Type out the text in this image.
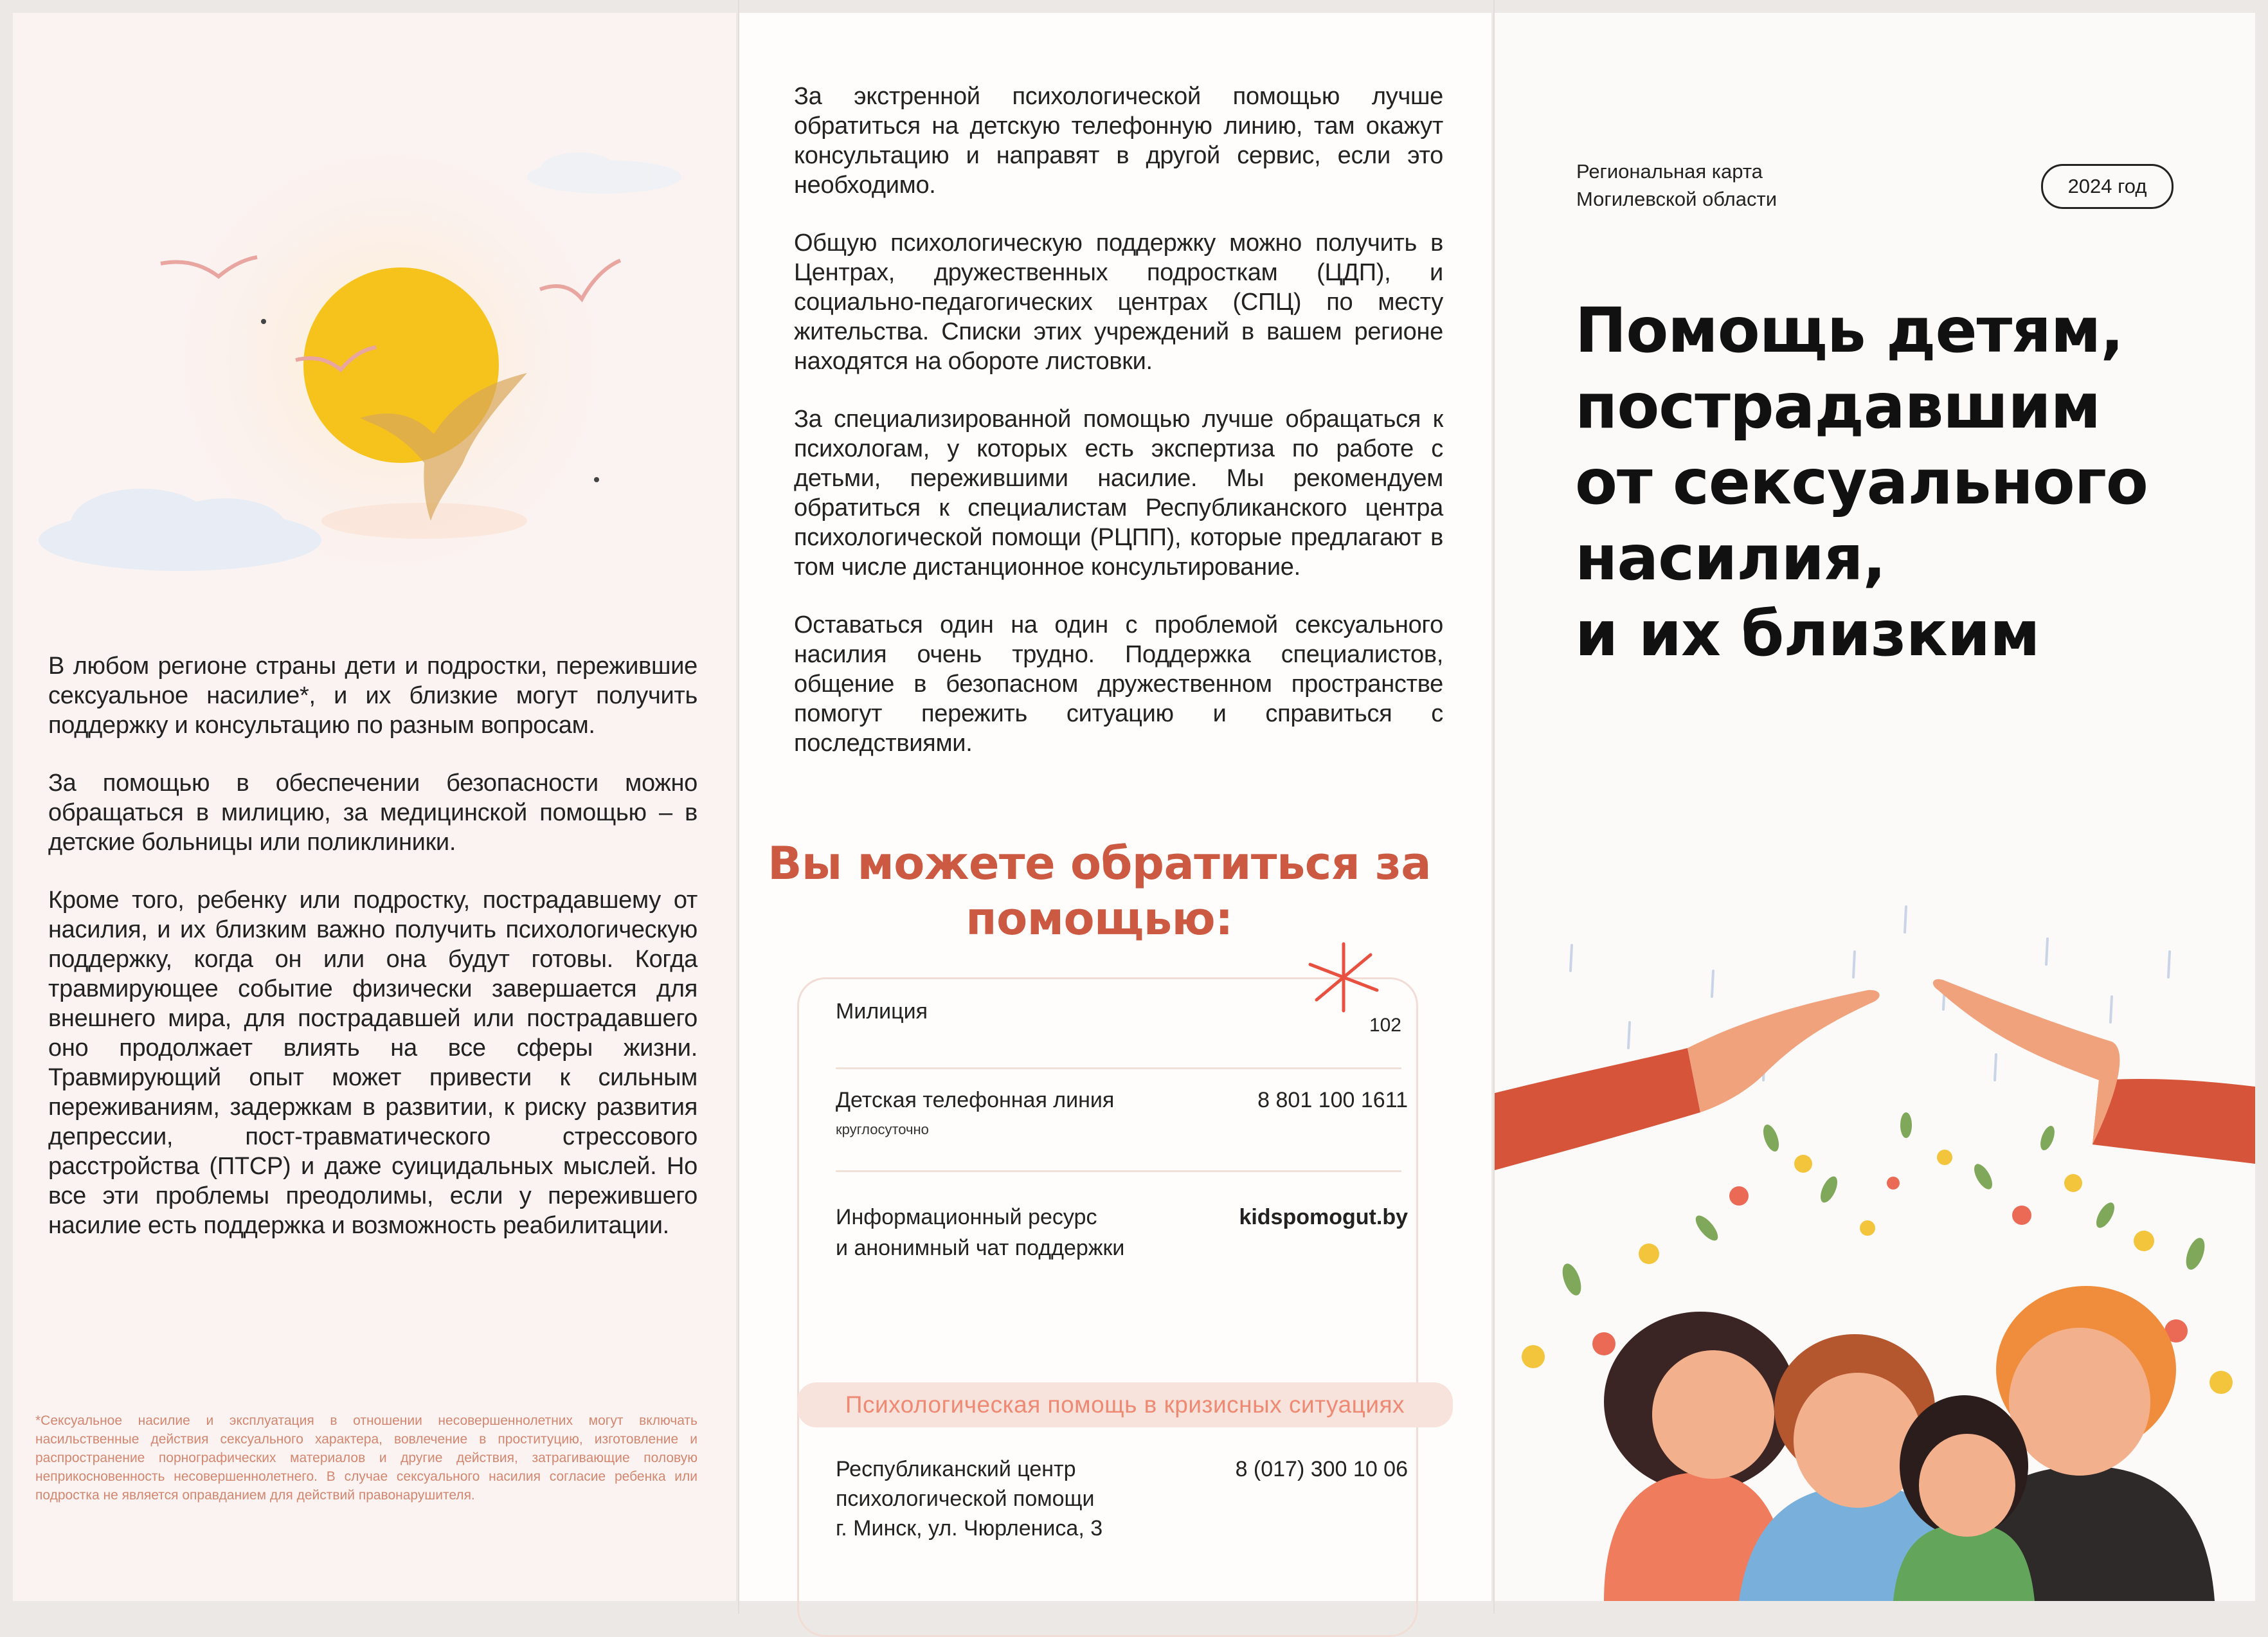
В любом регионе страны дети и подростки, пережившие сексуальное насилие*, и их близкие могут получить поддержку и консультацию по разным вопросам.

За помощью в обеспечении безопасности можно обращаться в милицию, за медицинской помощью – в детские больницы или поликлиники.

Кроме того, ребенку или подростку, пострадавшему от насилия, и их близким важно получить психологическую поддержку, когда он или она будут готовы. Когда травмирующее событие физически завершается для внешнего мира, для пострадавшей или пострадавшего оно продолжает влиять на все сферы жизни. Травмирующий опыт может привести к сильным переживаниям, задержкам в развитии, к риску развития депрессии, пост-травматического стрессового расстройства (ПТСР) и даже суицидальных мыслей. Но все эти проблемы преодолимы, если у пережившего насилие есть поддержка и возможность реабилитации.

*Сексуальное насилие и эксплуатация в отношении несовершеннолетних могут включать насильственные действия сексуального характера, вовлечение в проституцию, изготовление и распространение порнографических материалов и другие действия, затрагивающие половую неприкосновенность несовершеннолетнего. В случае сексуального насилия согласие ребенка или подростка не является оправданием для действий правонарушителя.

За экстренной психологической помощью лучше обратиться на детскую телефонную линию, там окажут консультацию и направят в другой сервис, если это необходимо.

Общую психологическую поддержку можно получить в Центрах, дружественных подросткам (ЦДП), и социально-педагогических центрах (СПЦ) по месту жительства. Списки этих учреждений в вашем регионе находятся на обороте листовки.

За специализированной помощью лучше обращаться к психологам, у которых есть экспертиза по работе с детьми, пережившими насилие. Мы рекомендуем обратиться к специалистам Республиканского центра психологической помощи (РЦПП), которые предлагают в том числе дистанционное консультирование.

Оставаться один на один с проблемой сексуального насилия очень трудно. Поддержка специалистов, общение в безопасном дружественном пространстве помогут пережить ситуацию и справиться с последствиями.

Вы можете обратиться за помощью:
Милиция
102
Детская телефонная линия
круглосуточно
8 801 100 1611
Информационный ресурс
и анонимный чат поддержки
kidspomogut.by
Психологическая помощь в кризисных ситуациях
Республиканский центр
психологической помощи
г. Минск, ул. Чюрлениса, 3
8 (017) 300 10 06
Региональная карта
Могилевской области
2024 год
Помощь детям,
пострадавшим
от сексуального
насилия,
и их близким
